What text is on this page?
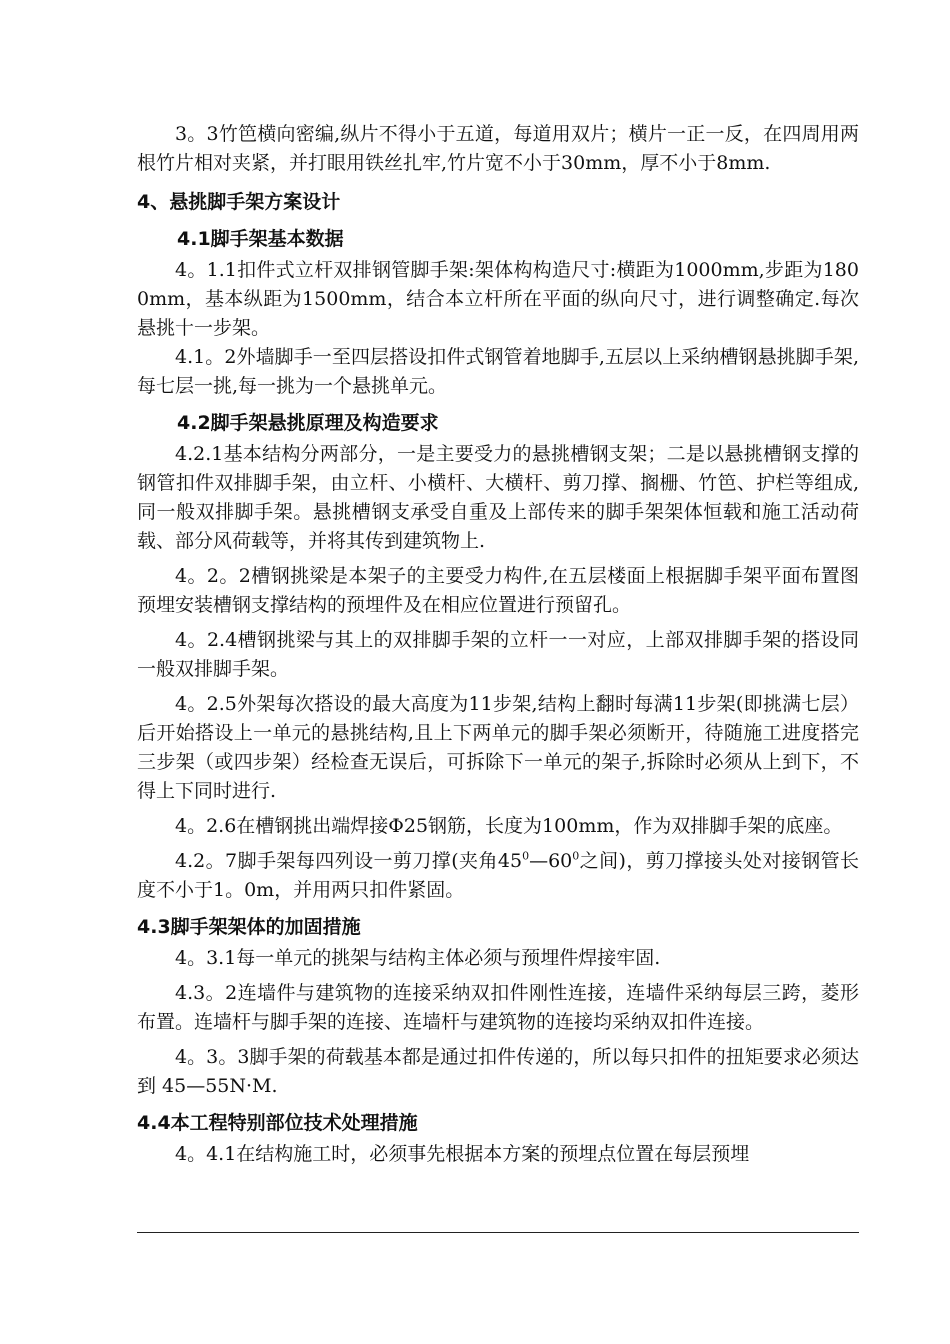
3。3竹笆横向密编,纵片不得小于五道，每道用双片；横片一正一反，在四周用两根竹片相对夹紧，并打眼用铁丝扎牢,竹片宽不小于30mm，厚不小于8mm.

4、悬挑脚手架方案设计
4.1脚手架基本数据

4。1.1扣件式立杆双排钢管脚手架:架体构构造尺寸:横距为1000mm,步距为1800mm，基本纵距为1500mm，结合本立杆所在平面的纵向尺寸，进行调整确定.每次悬挑十一步架。

4.1。2外墙脚手一至四层搭设扣件式钢管着地脚手,五层以上采纳槽钢悬挑脚手架,每七层一挑,每一挑为一个悬挑单元。

4.2脚手架悬挑原理及构造要求

4.2.1基本结构分两部分，一是主要受力的悬挑槽钢支架；二是以悬挑槽钢支撑的钢管扣件双排脚手架，由立杆、小横杆、大横杆、剪刀撑、搁栅、竹笆、护栏等组成,同一般双排脚手架。悬挑槽钢支承受自重及上部传来的脚手架架体恒载和施工活动荷载、部分风荷载等，并将其传到建筑物上.

4。2。2槽钢挑梁是本架子的主要受力构件,在五层楼面上根据脚手架平面布置图预埋安装槽钢支撑结构的预埋件及在相应位置进行预留孔。

4。2.4槽钢挑梁与其上的双排脚手架的立杆一一对应，上部双排脚手架的搭设同一般双排脚手架。

4。2.5外架每次搭设的最大高度为11步架,结构上翻时每满11步架(即挑满七层）后开始搭设上一单元的悬挑结构,且上下两单元的脚手架必须断开，待随施工进度搭完三步架（或四步架）经检查无误后，可拆除下一单元的架子,拆除时必须从上到下，不得上下同时进行.

4。2.6在槽钢挑出端焊接Φ25钢筋，长度为100mm，作为双排脚手架的底座。

4.2。7脚手架每四列设一剪刀撑(夹角$45^0—60^0$之间)，剪刀撑接头处对接钢管长度不小于1。0m，并用两只扣件紧固。

4.3脚手架架体的加固措施

4。3.1每一单元的挑架与结构主体必须与预埋件焊接牢固.

4.3。2连墙件与建筑物的连接采纳双扣件刚性连接，连墙件采纳每层三跨，菱形布置。连墙杆与脚手架的连接、连墙杆与建筑物的连接均采纳双扣件连接。

4。3。3脚手架的荷载基本都是通过扣件传递的，所以每只扣件的扭矩要求必须达到 45—55N·M.

4.4本工程特别部位技术处理措施

4。4.1在结构施工时，必须事先根据本方案的预埋点位置在每层预埋
